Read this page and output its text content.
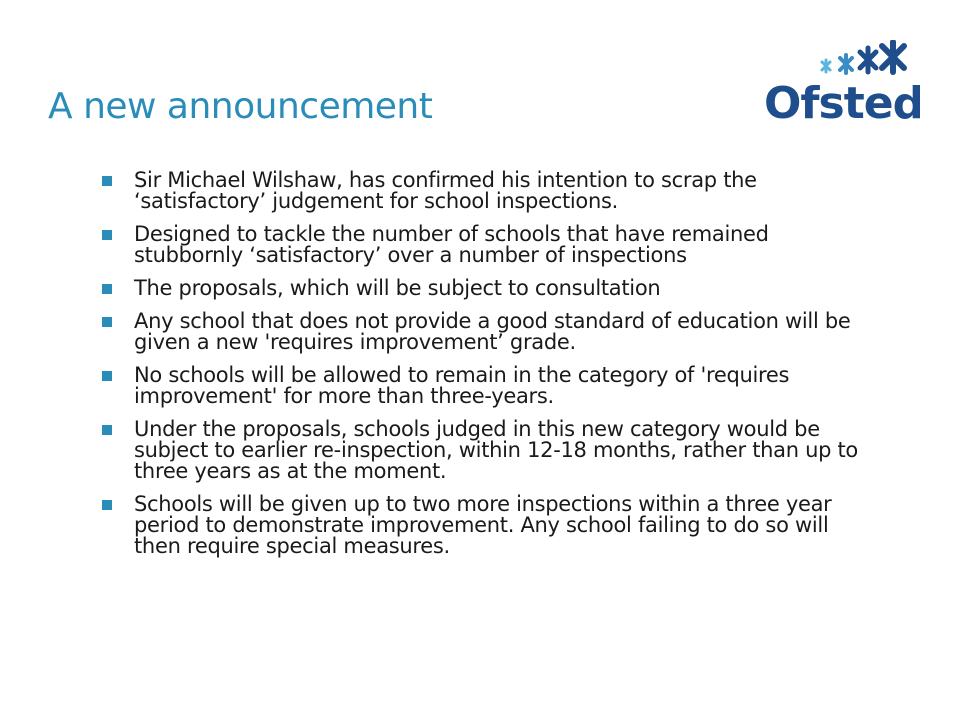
A new announcement	Ofsted
Sir Michael Wilshaw, has confirmed his intention to scrap the ‘satisfactory’ judgement for school inspections.
Designed to tackle the number of schools that have remained stubbornly ‘satisfactory’ over a number of inspections
The proposals, which will be subject to consultation
Any school that does not provide a good standard of education will be given a new 'requires improvement’ grade.
No schools will be allowed to remain in the category of 'requires improvement' for more than three-years.
Under the proposals, schools judged in this new category would be subject to earlier re-inspection, within 12-18 months, rather than up to three years as at the moment.
Schools will be given up to two more inspections within a three year period to demonstrate improvement. Any school failing to do so will then require special measures.
